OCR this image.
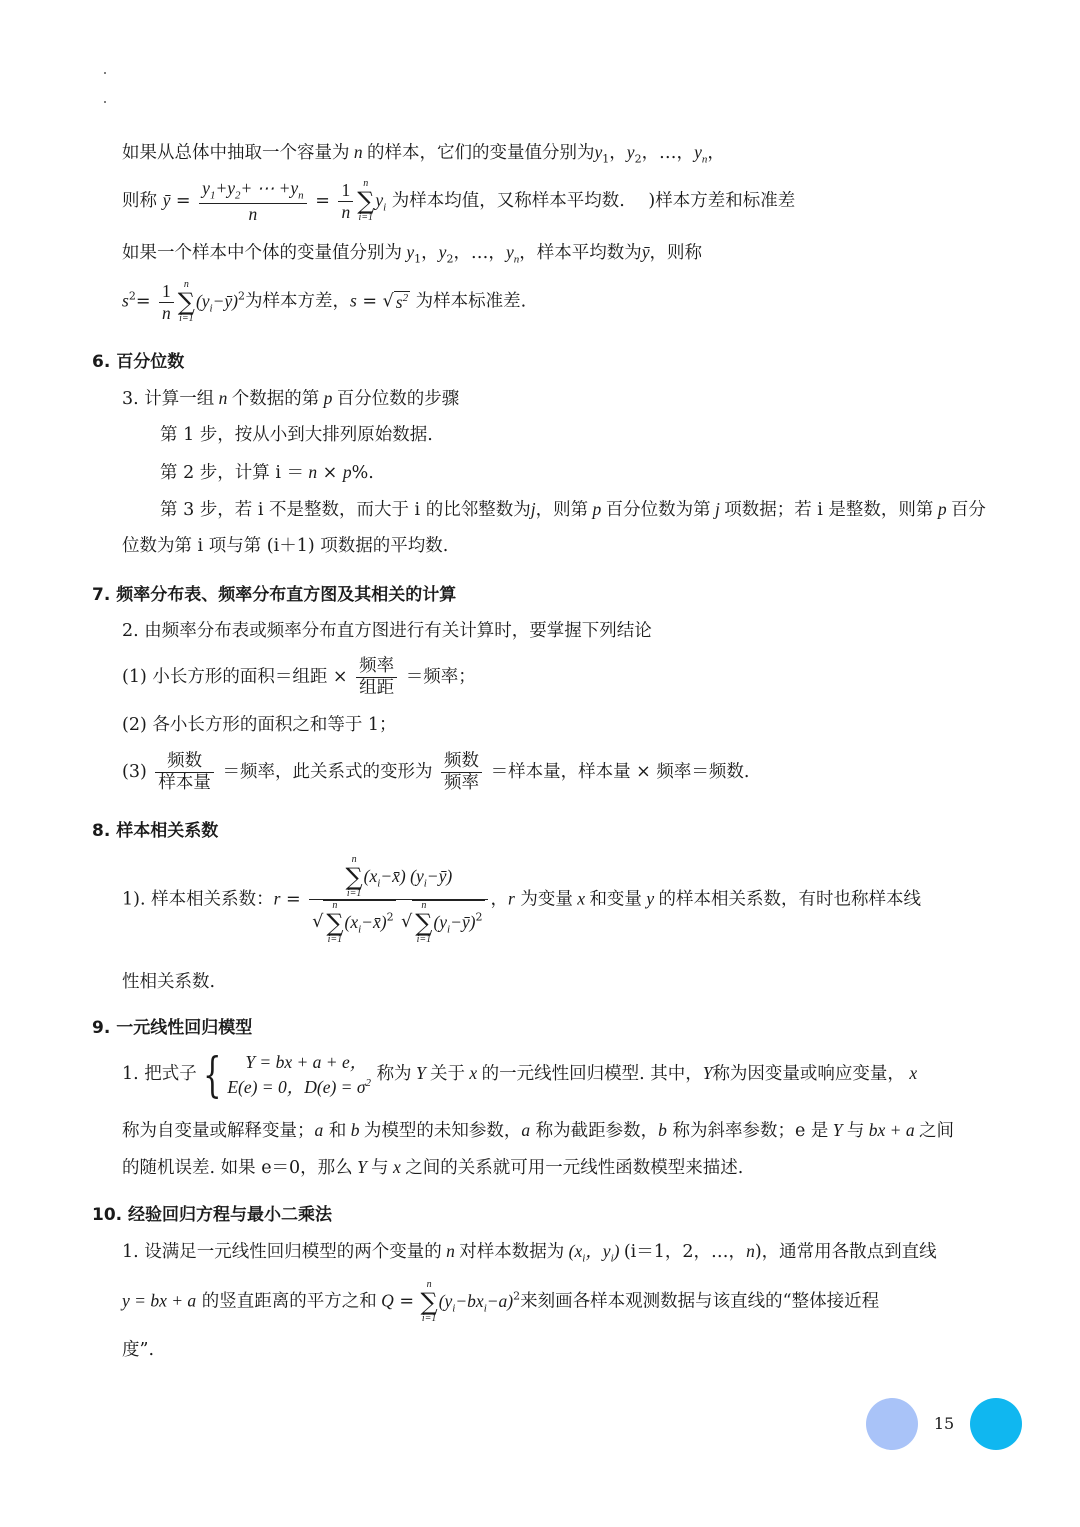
如果从总体中抽取一个容量为 n 的样本，它们的变量值分别为$y_1$，$y_2$，…，$y_n$，
则称 ȳ = $\frac{y_1+y_2+ \cdots +y_n}{n} = \frac{1}{n}$	n
∑
i=1
$y_i$ 为样本均值，又称样本平均数. )样本方差和标准差
如果一个样本中个体的变量值分别为 $y_1$，$y_2$，…，$y_n$，样本平均数为ȳ，则称
$s^2= \frac{1}{n}$	n
∑
i=1
$(y_i-ȳ)^2$为样本方差，s = √ $s^2$ 为样本标准差.
6. 百分位数
3. 计算一组 n 个数据的第 p 百分位数的步骤
第 1 步，按从小到大排列原始数据.
第 2 步，计算 i ＝ n × p%.
第 3 步，若 i 不是整数，而大于 i 的比邻整数为j，则第 p 百分位数为第 j 项数据；若 i 是整数，则第 p 百分
位数为第 i 项与第 (i＋1) 项数据的平均数.
7. 频率分布表、频率分布直方图及其相关的计算
2. 由频率分布表或频率分布直方图进行有关计算时，要掌握下列结论
(1) 小长方形的面积＝组距 × $\frac{\text{频率}}{\text{组距}}$ ＝频率；
(2) 各小长方形的面积之和等于 1；
$(3) \frac{\text{频数}}{\text{样本量}}$ ＝频率，此关系式的变形为 $\frac{\text{频数}}{\text{频率}}$ ＝样本量，样本量 × 频率＝频数.
8. 样本相关系数
1). 样本相关系数：r = n
∑
i=1
$(x_i-x̄)$ $(y_i-ȳ)$
√
n
∑
i=1
$(x_i-x̄)^2$ √
n
∑
i=1
$(y_i-ȳ)^2$ ，r 为变量 x 和变量 y 的样本相关系数，有时也称样本线
性相关系数.
9. 一元线性回归模型
1. 把式子 {	Y = bx + a + e，
E(e) = 0，$D(e) = \sigma^2$ 称为 Y 关于 x 的一元线性回归模型. 其中，Y称为因变量或响应变量， x
称为自变量或解释变量；a 和 b 为模型的未知参数，a 称为截距参数，b 称为斜率参数；e 是 Y 与 bx + a 之间
的随机误差. 如果 e＝0，那么 Y 与 x 之间的关系就可用一元线性函数模型来描述.
10. 经验回归方程与最小二乘法
1. 设满足一元线性回归模型的两个变量的 n 对样本数据为 ($x_i$，$y_i$) (i＝1，2，…，n)，通常用各散点到直线
y = bx + a 的竖直距离的平方之和 Q =
n
∑
i=1
$(y_i-bx_i-a)^2$来刻画各样本观测数据与该直线的“整体接近程
度”.
15
